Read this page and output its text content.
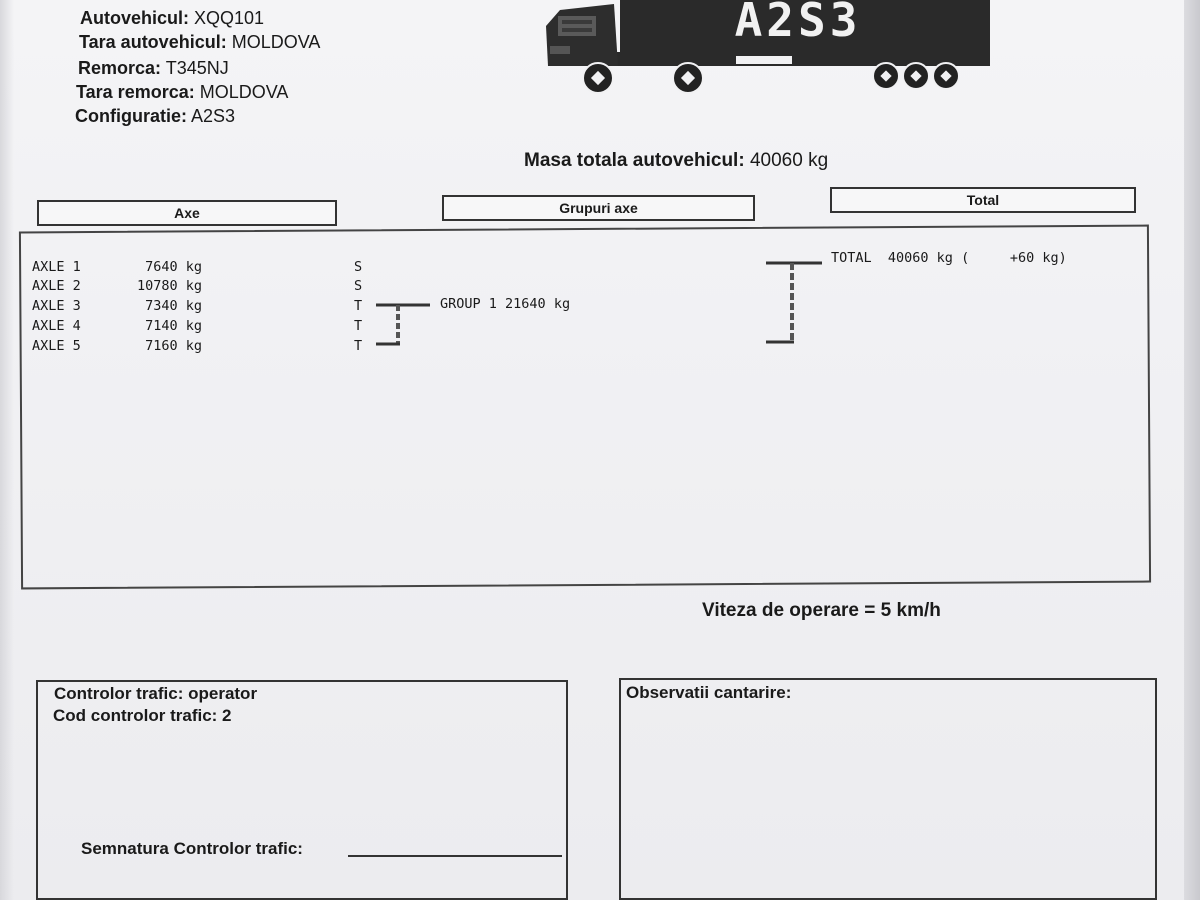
Autovehicul: XQQ101
Tara autovehicul: MOLDOVA
Remorca: T345NJ
Tara remorca: MOLDOVA
Configuratie: A2S3
A2S3
Masa totala autovehicul: 40060 kg
Axe	Grupuri axe	Total
AXLE 1	7640 kg	S
AXLE 2	10780 kg	S
AXLE 3	7340 kg	T
AXLE 4	7140 kg	T
AXLE 5	7160 kg	T
GROUP 1 21640 kg
TOTAL 40060 kg (     +60 kg)
Viteza de operare = 5 km/h
Controlor trafic: operator
Cod controlor trafic: 2
Semnatura Controlor trafic:
Observatii cantarire:
